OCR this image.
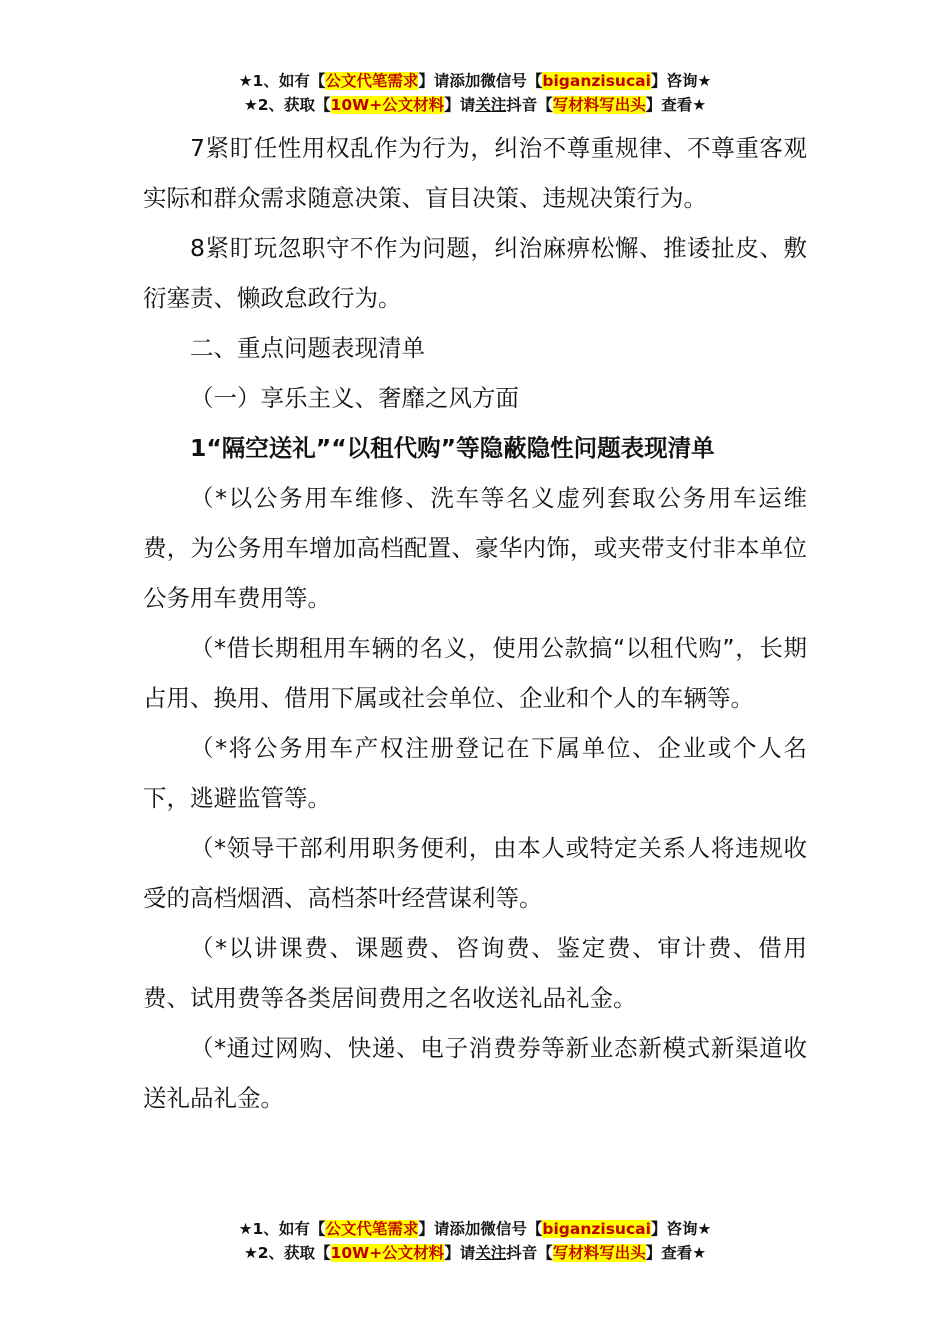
★1、如有【公文代笔需求】请添加微信号【biganzisucai】咨询★
★2、获取【10W+公文材料】请关注抖音【写材料写出头】查看★

7紧盯任性用权乱作为行为，纠治不尊重规律、不尊重客观实际和群众需求随意决策、盲目决策、违规决策行为。

8紧盯玩忽职守不作为问题，纠治麻痹松懈、推诿扯皮、敷衍塞责、懒政怠政行为。

二、重点问题表现清单

（一）享乐主义、奢靡之风方面

1“隔空送礼”“以租代购”等隐蔽隐性问题表现清单

（*以公务用车维修、洗车等名义虚列套取公务用车运维费，为公务用车增加高档配置、豪华内饰，或夹带支付非本单位公务用车费用等。

（*借长期租用车辆的名义，使用公款搞“以租代购”，长期占用、换用、借用下属或社会单位、企业和个人的车辆等。

（*将公务用车产权注册登记在下属单位、企业或个人名下，逃避监管等。

（*领导干部利用职务便利，由本人或特定关系人将违规收受的高档烟酒、高档茶叶经营谋利等。

（*以讲课费、课题费、咨询费、鉴定费、审计费、借用费、试用费等各类居间费用之名收送礼品礼金。

（*通过网购、快递、电子消费券等新业态新模式新渠道收送礼品礼金。

★1、如有【公文代笔需求】请添加微信号【biganzisucai】咨询★
★2、获取【10W+公文材料】请关注抖音【写材料写出头】查看★
